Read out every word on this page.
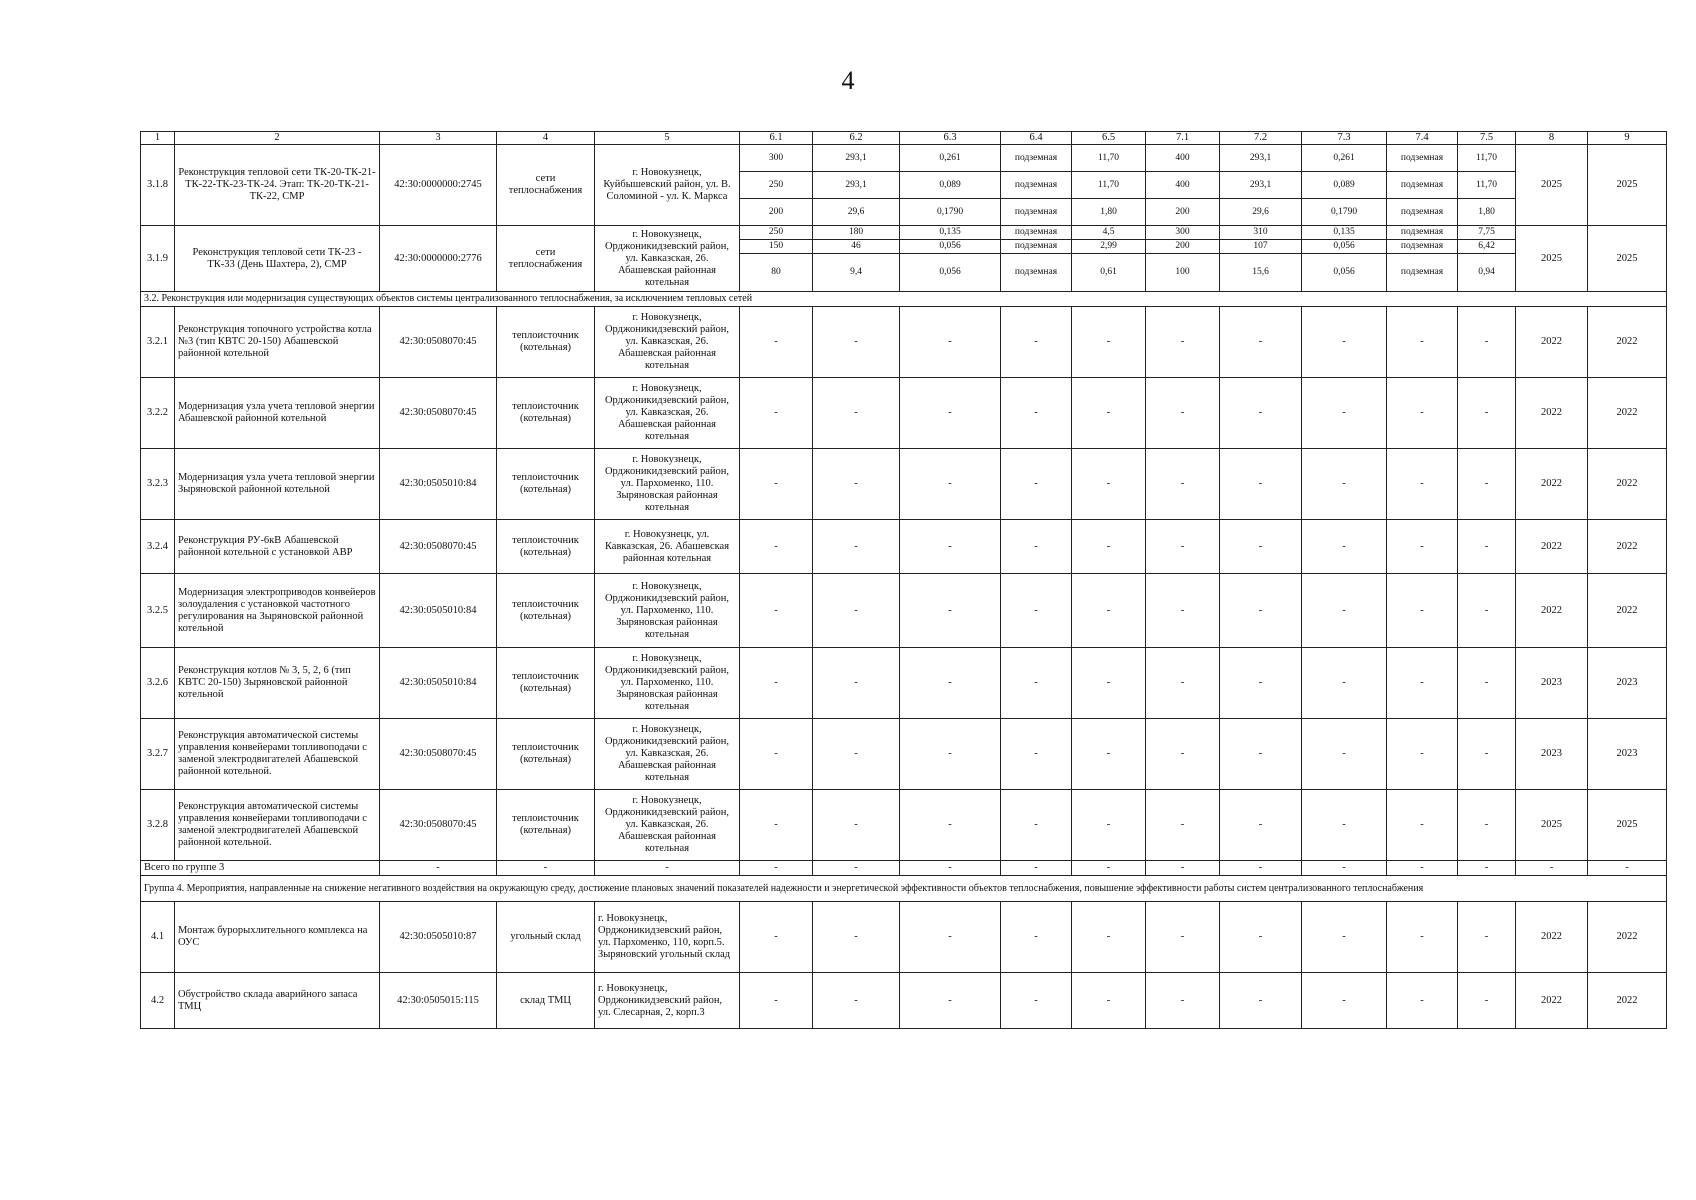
4
1	2	3	4	5	6.1	6.2	6.3	6.4	6.5	7.1	7.2	7.3	7.4	7.5	8	9
3.1.8	Реконструкция тепловой сети ТК-20-ТК-21-ТК-22-ТК-23-ТК-24. Этап: ТК-20-ТК-21-ТК-22, СМР	42:30:0000000:2745	сети теплоснабжения	г. Новокузнецк, Куйбышевский район, ул. В. Соломиной - ул. К. Маркса	300	293,1	0,261	подземная	11,70	400	293,1	0,261	подземная	11,70	2025	2025
					250	293,1	0,089	подземная	11,70	400	293,1	0,089	подземная	11,70		
					200	29,6	0,1790	подземная	1,80	200	29,6	0,1790	подземная	1,80		
3.1.9	Реконструкция тепловой сети ТК-23 - ТК-33 (День Шахтера, 2), СМР	42:30:0000000:2776	сети теплоснабжения	г. Новокузнецк, Орджоникидзевский район, ул. Кавказская, 26. Абашевская районная котельная	250	180	0,135	подземная	4,5	300	310	0,135	подземная	7,75	2025	2025
					150	46	0,056	подземная	2,99	200	107	0,056	подземная	6,42		
					80	9,4	0,056	подземная	0,61	100	15,6	0,056	подземная	0,94		
3.2. Реконструкция или модернизация существующих объектов системы централизованного теплоснабжения, за исключением тепловых сетей																
3.2.1	Реконструкция топочного устройства котла №3 (тип КВТС 20-150) Абашевской районной котельной	42:30:0508070:45	теплоисточник (котельная)	г. Новокузнецк, Орджоникидзевский район, ул. Кавказская, 26. Абашевская районная котельная	-	-	-	-	-	-	-	-	-	-	2022	2022
3.2.2	Модернизация узла учета тепловой энергии Абашевской районной котельной	42:30:0508070:45	теплоисточник (котельная)	г. Новокузнецк, Орджоникидзевский район, ул. Кавказская, 26. Абашевская районная котельная	-	-	-	-	-	-	-	-	-	-	2022	2022
3.2.3	Модернизация узла учета тепловой энергии Зыряновской районной котельной	42:30:0505010:84	теплоисточник (котельная)	г. Новокузнецк, Орджоникидзевский район, ул. Пархоменко, 110. Зыряновская районная котельная	-	-	-	-	-	-	-	-	-	-	2022	2022
3.2.4	Реконструкция РУ-6кВ Абашевской районной котельной с установкой АВР	42:30:0508070:45	теплоисточник (котельная)	г. Новокузнецк, ул. Кавказская, 26. Абашевская районная котельная	-	-	-	-	-	-	-	-	-	-	2022	2022
3.2.5	Модернизация электроприводов конвейеров золоудаления с установкой частотного регулирования на Зыряновской районной котельной	42:30:0505010:84	теплоисточник (котельная)	г. Новокузнецк, Орджоникидзевский район, ул. Пархоменко, 110. Зыряновская районная котельная	-	-	-	-	-	-	-	-	-	-	2022	2022
3.2.6	Реконструкция котлов № 3, 5, 2, 6 (тип КВТС 20-150) Зыряновской районной котельной	42:30:0505010:84	теплоисточник (котельная)	г. Новокузнецк, Орджоникидзевский район, ул. Пархоменко, 110. Зыряновская районная котельная	-	-	-	-	-	-	-	-	-	-	2023	2023
3.2.7	Реконструкция автоматической системы управления конвейерами топливоподачи с заменой электродвигателей Абашевской районной котельной.	42:30:0508070:45	теплоисточник (котельная)	г. Новокузнецк, Орджоникидзевский район, ул. Кавказская, 26. Абашевская районная котельная	-	-	-	-	-	-	-	-	-	-	2023	2023
3.2.8	Реконструкция автоматической системы управления конвейерами топливоподачи с заменой электродвигателей Абашевской районной котельной.	42:30:0508070:45	теплоисточник (котельная)	г. Новокузнецк, Орджоникидзевский район, ул. Кавказская, 26. Абашевская районная котельная	-	-	-	-	-	-	-	-	-	-	2025	2025
Всего по группе 3		-	-	-	-	-	-	-	-	-	-	-	-	-	-	-
Группа 4. Мероприятия, направленные на снижение негативного воздействия на окружающую среду, достижение плановых значений показателей надежности и энергетической эффективности объектов теплоснабжения, повышение эффективности работы систем централизованного теплоснабжения																
4.1	Монтаж бурорыхлительного комплекса на ОУС	42:30:0505010:87	угольный склад	г. Новокузнецк, Орджоникидзевский район, ул. Пархоменко, 110, корп.5. Зыряновский угольный склад	-	-	-	-	-	-	-	-	-	-	2022	2022
4.2	Обустройство склада аварийного запаса ТМЦ	42:30:0505015:115	склад ТМЦ	г. Новокузнецк, Орджоникидзевский район, ул. Слесарная, 2, корп.3	-	-	-	-	-	-	-	-	-	-	2022	2022
